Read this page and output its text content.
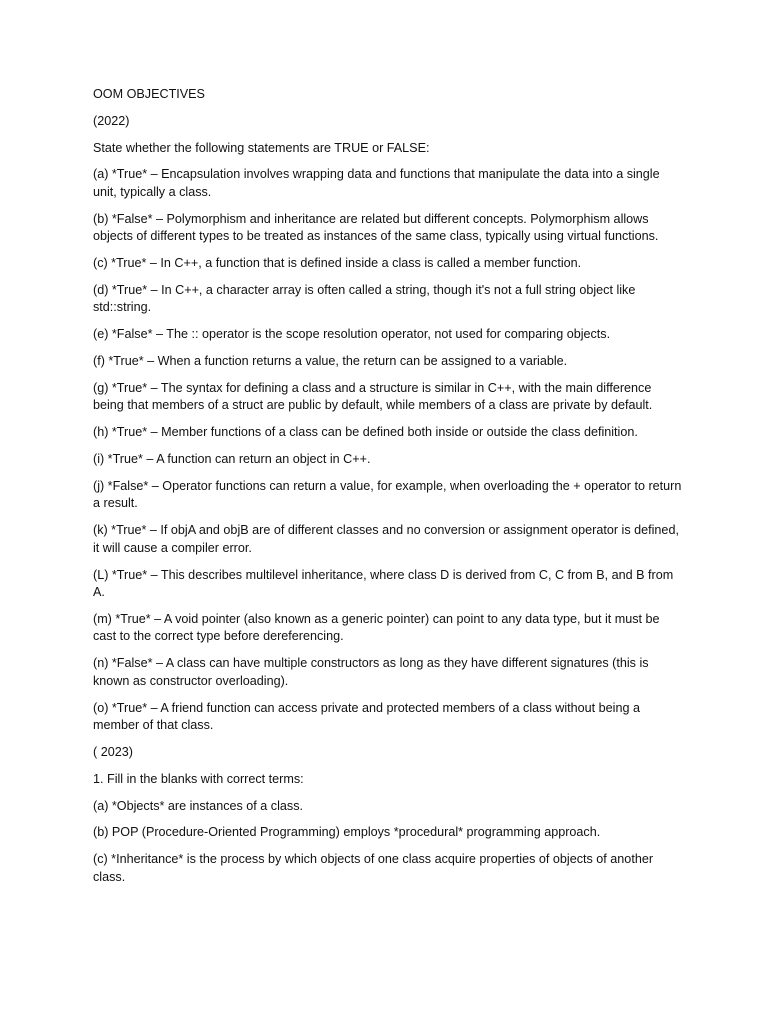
OOM OBJECTIVES

(2022)

State whether the following statements are TRUE or FALSE:

(a) *True* – Encapsulation involves wrapping data and functions that manipulate the data into a single unit, typically a class.

(b) *False* – Polymorphism and inheritance are related but different concepts. Polymorphism allows objects of different types to be treated as instances of the same class, typically using virtual functions.

(c) *True* – In C++, a function that is defined inside a class is called a member function.

(d) *True* – In C++, a character array is often called a string, though it's not a full string object like std::string.

(e) *False* – The :: operator is the scope resolution operator, not used for comparing objects.

(f) *True* – When a function returns a value, the return can be assigned to a variable.

(g) *True* – The syntax for defining a class and a structure is similar in C++, with the main difference being that members of a struct are public by default, while members of a class are private by default.

(h) *True* – Member functions of a class can be defined both inside or outside the class definition.

(i) *True* – A function can return an object in C++.

(j) *False* – Operator functions can return a value, for example, when overloading the + operator to return a result.

(k) *True* – If objA and objB are of different classes and no conversion or assignment operator is defined, it will cause a compiler error.

(L) *True* – This describes multilevel inheritance, where class D is derived from C, C from B, and B from A.

(m) *True* – A void pointer (also known as a generic pointer) can point to any data type, but it must be cast to the correct type before dereferencing.

(n) *False* – A class can have multiple constructors as long as they have different signatures (this is known as constructor overloading).

(o) *True* – A friend function can access private and protected members of a class without being a member of that class.

( 2023)

1. Fill in the blanks with correct terms:

(a) *Objects* are instances of a class.

(b) POP (Procedure-Oriented Programming) employs *procedural* programming approach.

(c) *Inheritance* is the process by which objects of one class acquire properties of objects of another class.
